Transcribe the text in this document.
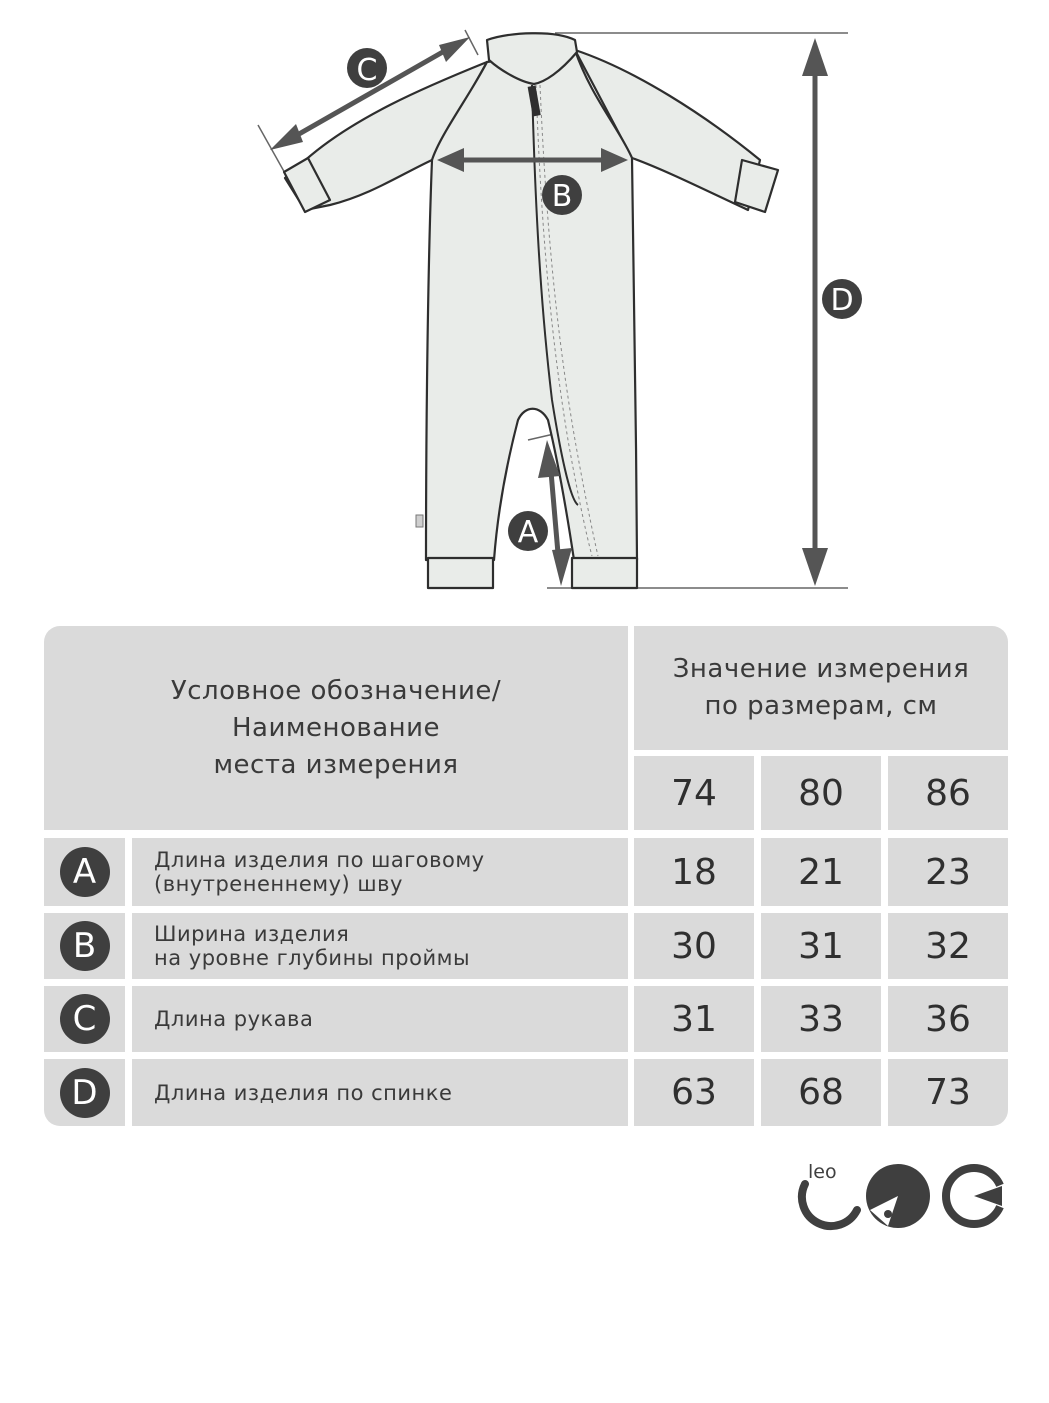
C
B
D
A
Условное обозначение/
Наименование
места измерения
Значение измерения
по размерам, см
74	80	86
A	Длина изделия по шаговому
(внутрененнему) шву	18	21	23
B	Ширина изделия
на уровне глубины проймы	30	31	32
C	Длина рукава	31	33	36
D	Длина изделия по спинке	63	68	73
leo
